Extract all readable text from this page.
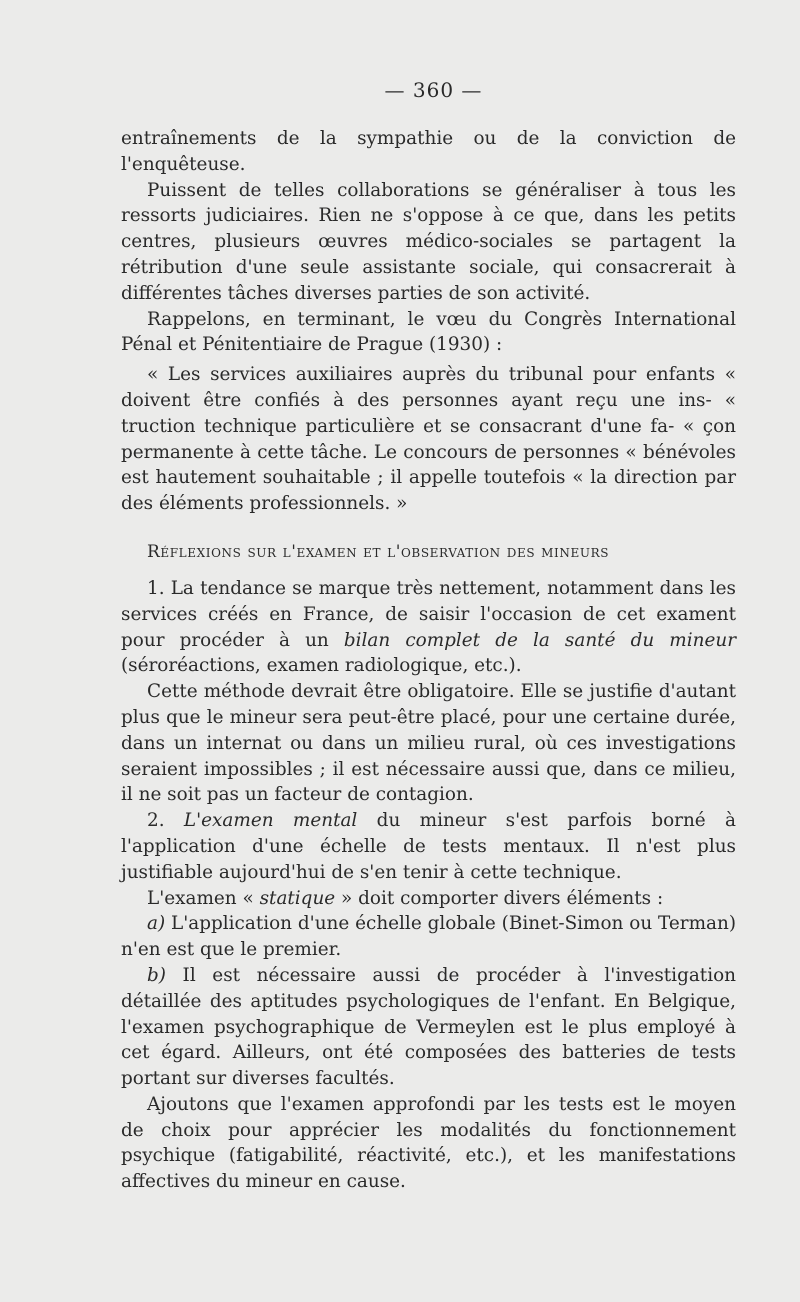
— 360 —

entraînements de la sympathie ou de la conviction de l'enquêteuse.

Puissent de telles collaborations se généraliser à tous les ressorts judiciaires. Rien ne s'oppose à ce que, dans les petits centres, plusieurs œuvres médico-sociales se partagent la rétribution d'une seule assistante sociale, qui consacrerait à différentes tâches diverses parties de son activité.

Rappelons, en terminant, le vœu du Congrès International Pénal et Pénitentiaire de Prague (1930) :

« Les services auxiliaires auprès du tribunal pour enfants « doivent être confiés à des personnes ayant reçu une ins- « truction technique particulière et se consacrant d'une fa- « çon permanente à cette tâche. Le concours de personnes « bénévoles est hautement souhaitable ; il appelle toutefois « la direction par des éléments professionnels. »

Réflexions sur l'examen et l'observation des mineurs

1. La tendance se marque très nettement, notamment dans les services créés en France, de saisir l'occasion de cet exament pour procéder à un bilan complet de la santé du mineur (séroréactions, examen radiologique, etc.).

Cette méthode devrait être obligatoire. Elle se justifie d'autant plus que le mineur sera peut-être placé, pour une certaine durée, dans un internat ou dans un milieu rural, où ces investigations seraient impossibles ; il est nécessaire aussi que, dans ce milieu, il ne soit pas un facteur de contagion.

2. L'examen mental du mineur s'est parfois borné à l'application d'une échelle de tests mentaux. Il n'est plus justifiable aujourd'hui de s'en tenir à cette technique.

L'examen « statique » doit comporter divers éléments :

a) L'application d'une échelle globale (Binet-Simon ou Terman) n'en est que le premier.

b) Il est nécessaire aussi de procéder à l'investigation détaillée des aptitudes psychologiques de l'enfant. En Belgique, l'examen psychographique de Vermeylen est le plus employé à cet égard. Ailleurs, ont été composées des batteries de tests portant sur diverses facultés.

Ajoutons que l'examen approfondi par les tests est le moyen de choix pour apprécier les modalités du fonctionnement psychique (fatigabilité, réactivité, etc.), et les manifestations affectives du mineur en cause.
